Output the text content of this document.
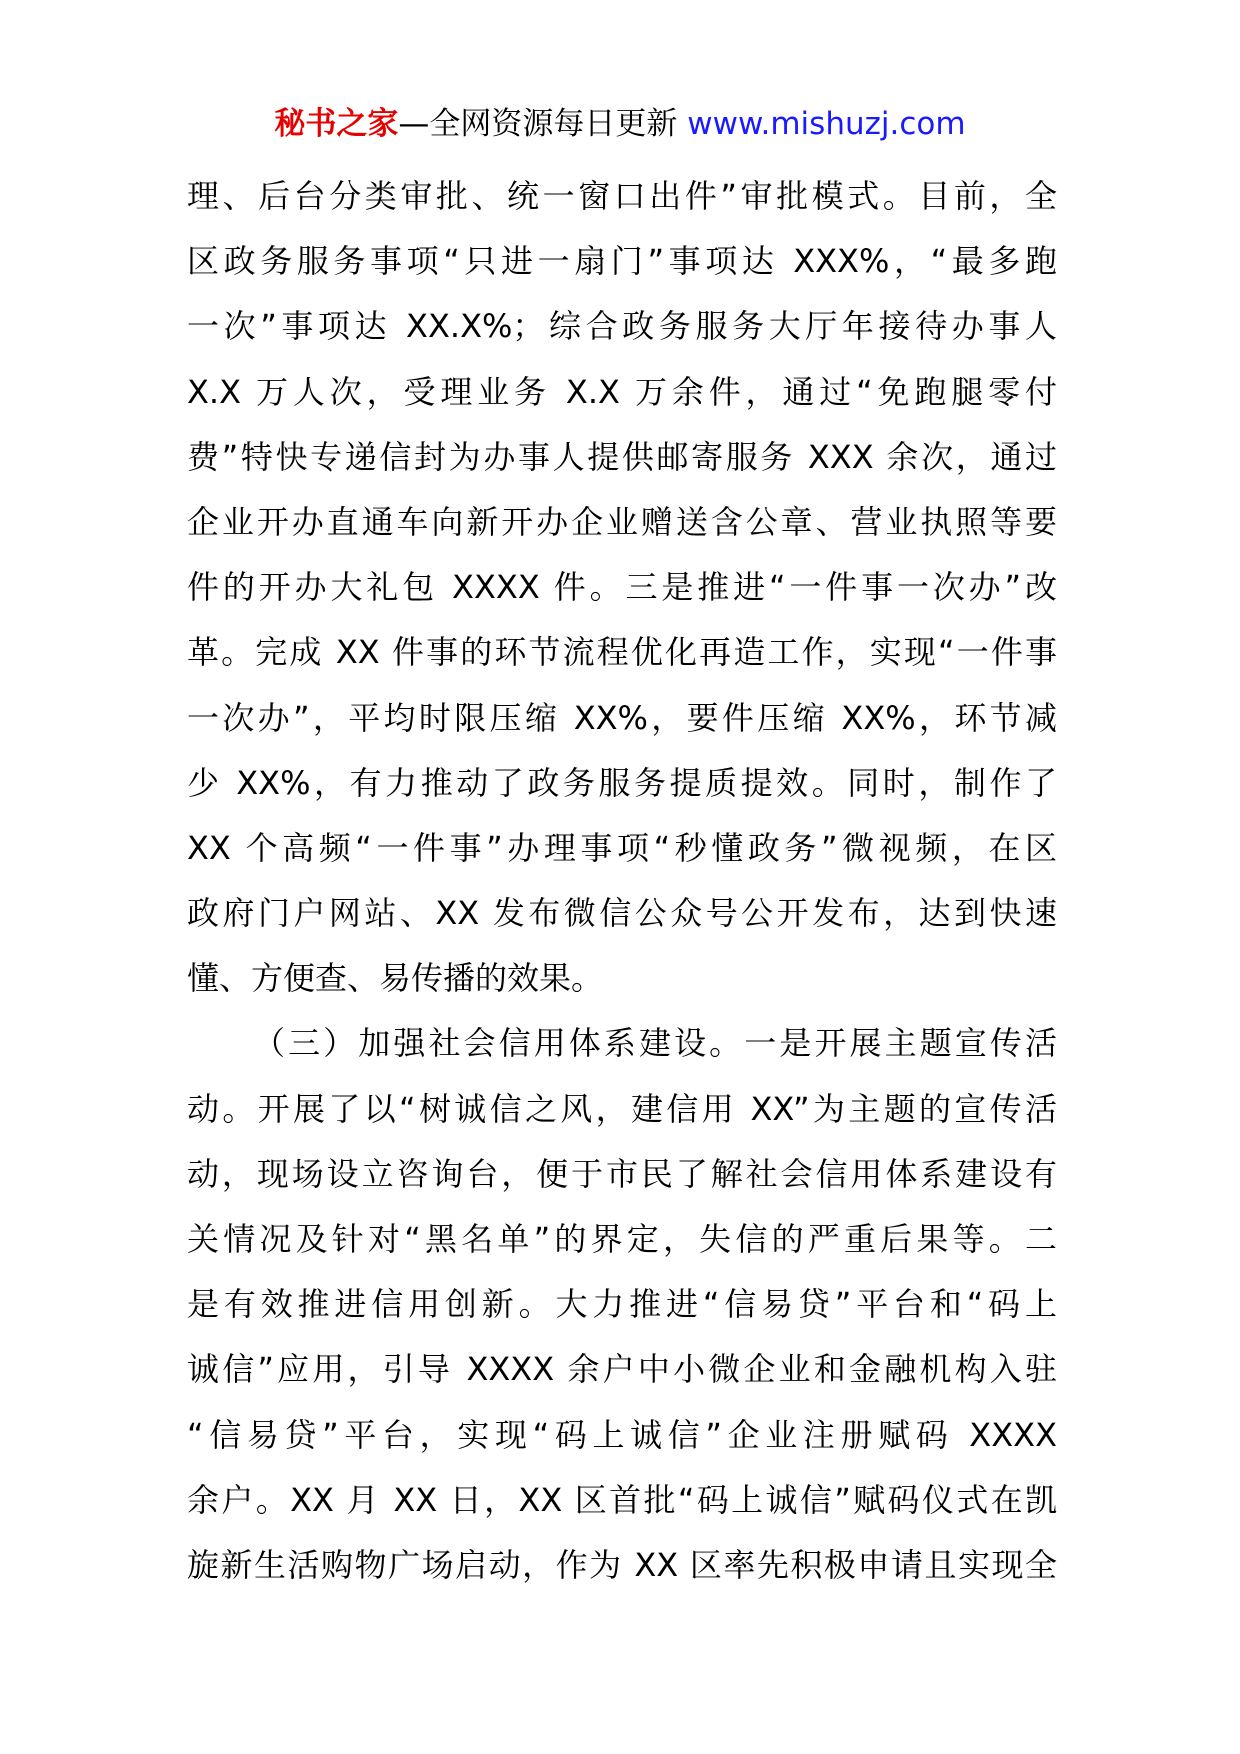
秘书之家—全网资源每日更新 www.mishuzj.com
理、后台分类审批、统一窗口出件”审批模式。目前，全
区政务服务事项“只进一扇门”事项达 XXX%，“最多跑
一次”事项达 XX.X%；综合政务服务大厅年接待办事人
X.X 万人次，受理业务 X.X 万余件，通过“免跑腿零付
费”特快专递信封为办事人提供邮寄服务 XXX 余次，通过
企业开办直通车向新开办企业赠送含公章、营业执照等要
件的开办大礼包 XXXX 件。三是推进“一件事一次办”改
革。完成 XX 件事的环节流程优化再造工作，实现“一件事
一次办”，平均时限压缩 XX%，要件压缩 XX%，环节减
少 XX%，有力推动了政务服务提质提效。同时，制作了
XX 个高频“一件事”办理事项“秒懂政务”微视频，在区
政府门户网站、XX 发布微信公众号公开发布，达到快速
懂、方便查、易传播的效果。
（三）加强社会信用体系建设。一是开展主题宣传活
动。开展了以“树诚信之风，建信用 XX”为主题的宣传活
动，现场设立咨询台，便于市民了解社会信用体系建设有
关情况及针对“黑名单”的界定，失信的严重后果等。二
是有效推进信用创新。大力推进“信易贷”平台和“码上
诚信”应用，引导 XXXX 余户中小微企业和金融机构入驻
“信易贷”平台，实现“码上诚信”企业注册赋码 XXXX
余户。XX 月 XX 日，XX 区首批“码上诚信”赋码仪式在凯
旋新生活购物广场启动，作为 XX 区率先积极申请且实现全
